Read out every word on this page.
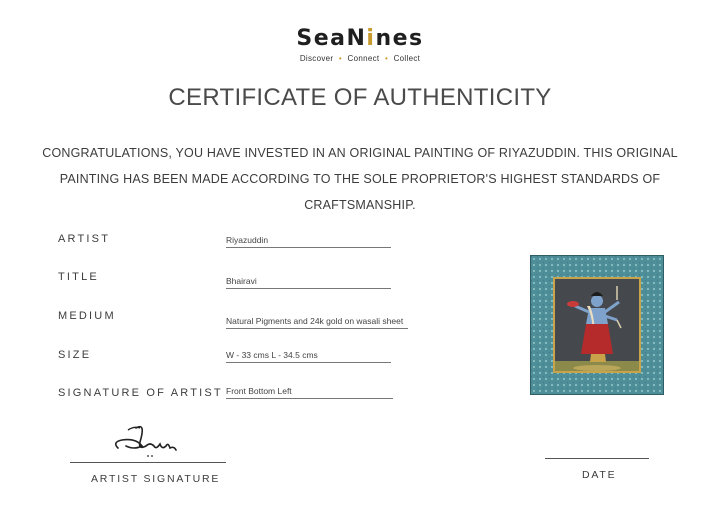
SeaNines
Discover • Connect • Collect
CERTIFICATE OF AUTHENTICITY
CONGRATULATIONS, YOU HAVE INVESTED IN AN ORIGINAL PAINTING OF RIYAZUDDIN. THIS ORIGINAL
PAINTING HAS BEEN MADE ACCORDING TO THE SOLE PROPRIETOR'S HIGHEST STANDARDS OF
CRAFTSMANSHIP.
ARTIST	Riyazuddin
TITLE	Bhairavi
MEDIUM	Natural Pigments and 24k gold on wasali sheet
SIZE	W - 33 cms L - 34.5 cms
SIGNATURE OF ARTIST Front Bottom Left
ARTIST SIGNATURE	DATE
